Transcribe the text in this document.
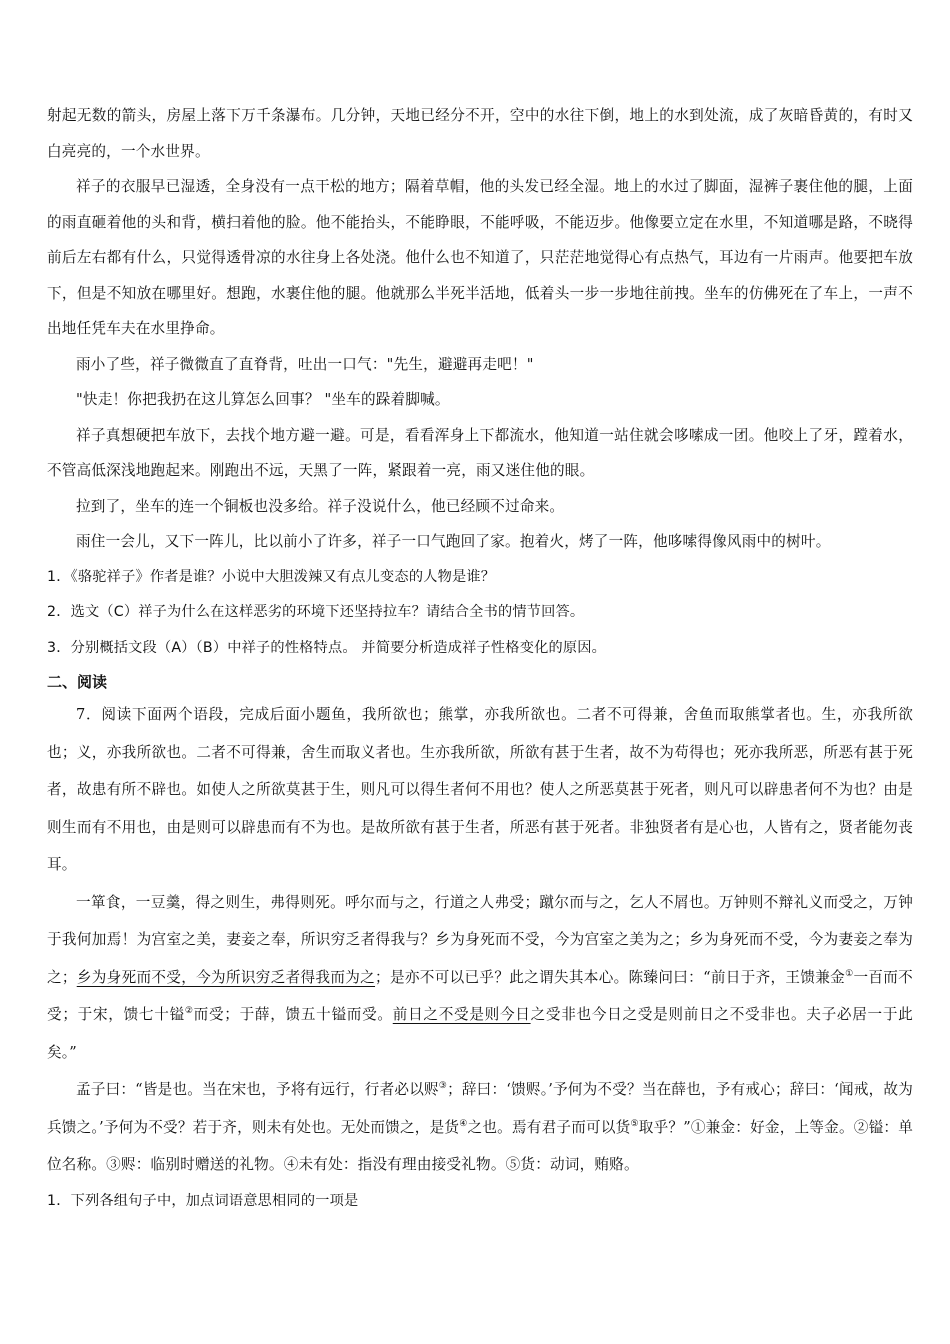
射起无数的箭头，房屋上落下万千条瀑布。几分钟，天地已经分不开，空中的水往下倒，地上的水到处流，成了灰暗昏黄的，有时又白亮亮的，一个水世界。

祥子的衣服早已湿透，全身没有一点干松的地方；隔着草帽，他的头发已经全湿。地上的水过了脚面，湿裤子裹住他的腿，上面的雨直砸着他的头和背，横扫着他的脸。他不能抬头，不能睁眼，不能呼吸，不能迈步。他像要立定在水里，不知道哪是路，不晓得前后左右都有什么，只觉得透骨凉的水往身上各处浇。他什么也不知道了，只茫茫地觉得心有点热气，耳边有一片雨声。他要把车放下，但是不知放在哪里好。想跑，水裹住他的腿。他就那么半死半活地，低着头一步一步地往前拽。坐车的仿佛死在了车上，一声不出地任凭车夫在水里挣命。

雨小了些，祥子微微直了直脊背，吐出一口气："先生，避避再走吧！"

"快走！你把我扔在这儿算怎么回事？ "坐车的跺着脚喊。

祥子真想硬把车放下，去找个地方避一避。可是，看看浑身上下都流水，他知道一站住就会哆嗦成一团。他咬上了牙，蹚着水，不管高低深浅地跑起来。刚跑出不远，天黑了一阵，紧跟着一亮，雨又迷住他的眼。

拉到了，坐车的连一个铜板也没多给。祥子没说什么，他已经顾不过命来。

雨住一会儿，又下一阵儿，比以前小了许多，祥子一口气跑回了家。抱着火，烤了一阵，他哆嗦得像风雨中的树叶。

1．《骆驼祥子》作者是谁？小说中大胆泼辣又有点儿变态的人物是谁？

2．选文（C）祥子为什么在这样恶劣的环境下还坚持拉车？请结合全书的情节回答。

3．分别概括文段（A）（B）中祥子的性格特点。 并简要分析造成祥子性格变化的原因。

二、阅读

7．阅读下面两个语段，完成后面小题鱼，我所欲也；熊掌，亦我所欲也。二者不可得兼，舍鱼而取熊掌者也。生，亦我所欲也；义，亦我所欲也。二者不可得兼，舍生而取义者也。生亦我所欲，所欲有甚于生者，故不为苟得也；死亦我所恶，所恶有甚于死者，故患有所不辟也。如使人之所欲莫甚于生，则凡可以得生者何不用也？使人之所恶莫甚于死者，则凡可以辟患者何不为也？由是则生而有不用也，由是则可以辟患而有不为也。是故所欲有甚于生者，所恶有甚于死者。非独贤者有是心也，人皆有之，贤者能勿丧耳。

一箪食，一豆羹，得之则生，弗得则死。呼尔而与之，行道之人弗受；蹴尔而与之，乞人不屑也。万钟则不辩礼义而受之，万钟于我何加焉！为宫室之美，妻妾之奉，所识穷乏者得我与？乡为身死而不受，今为宫室之美为之；乡为身死而不受，今为妻妾之奉为之；乡为身死而不受，今为所识穷乏者得我而为之；是亦不可以已乎？此之谓失其本心。陈臻问曰：“前日于齐，王馈兼金①一百而不受；于宋，馈七十镒②而受；于薛，馈五十镒而受。前日之不受是则今日之受非也今日之受是则前日之不受非也。夫子必居一于此矣。”

孟子曰：“皆是也。当在宋也，予将有远行，行者必以赆③；辞曰：‘馈赆。’予何为不受？当在薛也，予有戒心；辞曰：‘闻戒，故为兵馈之。’予何为不受？若于齐，则未有处也。无处而馈之，是货④之也。焉有君子而可以货⑤取乎？”①兼金：好金，上等金。②镒：单位名称。③赆：临别时赠送的礼物。④未有处：指没有理由接受礼物。⑤货：动词，贿赂。

1．下列各组句子中，加点词语意思相同的一项是
